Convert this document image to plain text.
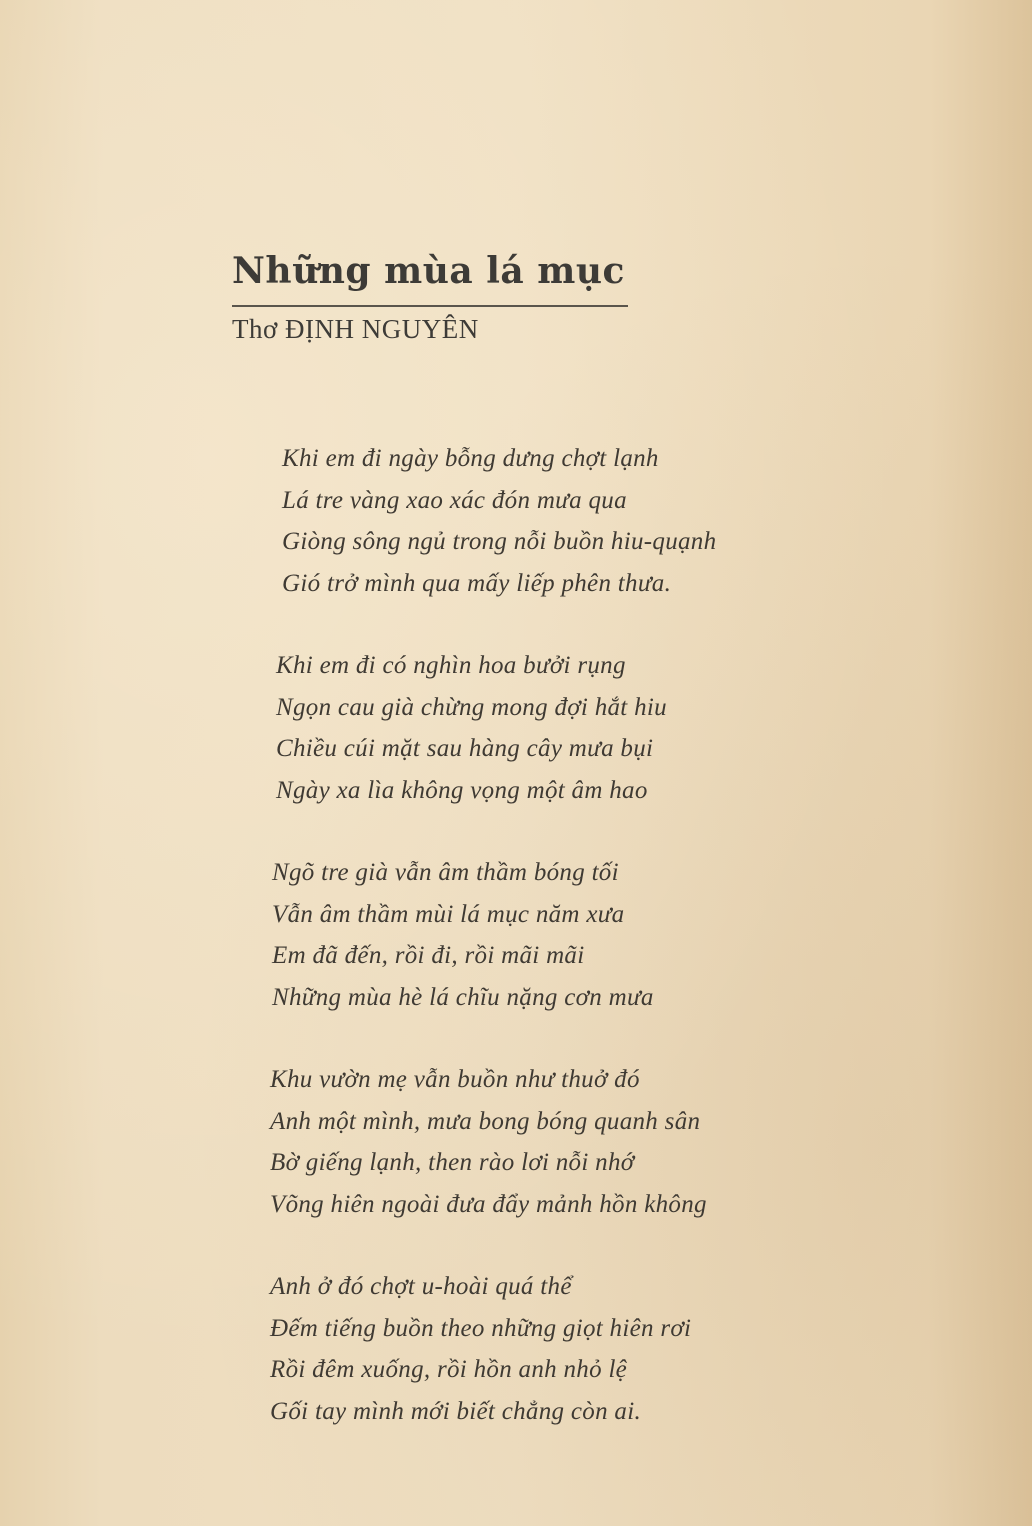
Những mùa lá mục
Thơ ĐỊNH NGUYÊN
Khi em đi ngày bỗng dưng chợt lạnh
Lá tre vàng xao xác đón mưa qua
Giòng sông ngủ trong nỗi buồn hiu-quạnh
Gió trở mình qua mấy liếp phên thưa.
Khi em đi có nghìn hoa bưởi rụng
Ngọn cau già chừng mong đợi hắt hiu
Chiều cúi mặt sau hàng cây mưa bụi
Ngày xa lìa không vọng một âm hao
Ngõ tre già vẫn âm thầm bóng tối
Vẫn âm thầm mùi lá mục năm xưa
Em đã đến, rồi đi, rồi mãi mãi
Những mùa hè lá chĩu nặng cơn mưa
Khu vườn mẹ vẫn buồn như thuở đó
Anh một mình, mưa bong bóng quanh sân
Bờ giếng lạnh, then rào lơi nỗi nhớ
Võng hiên ngoài đưa đẩy mảnh hồn không
Anh ở đó chợt u-hoài quá thể
Đếm tiếng buồn theo những giọt hiên rơi
Rồi đêm xuống, rồi hồn anh nhỏ lệ
Gối tay mình mới biết chẳng còn ai.
